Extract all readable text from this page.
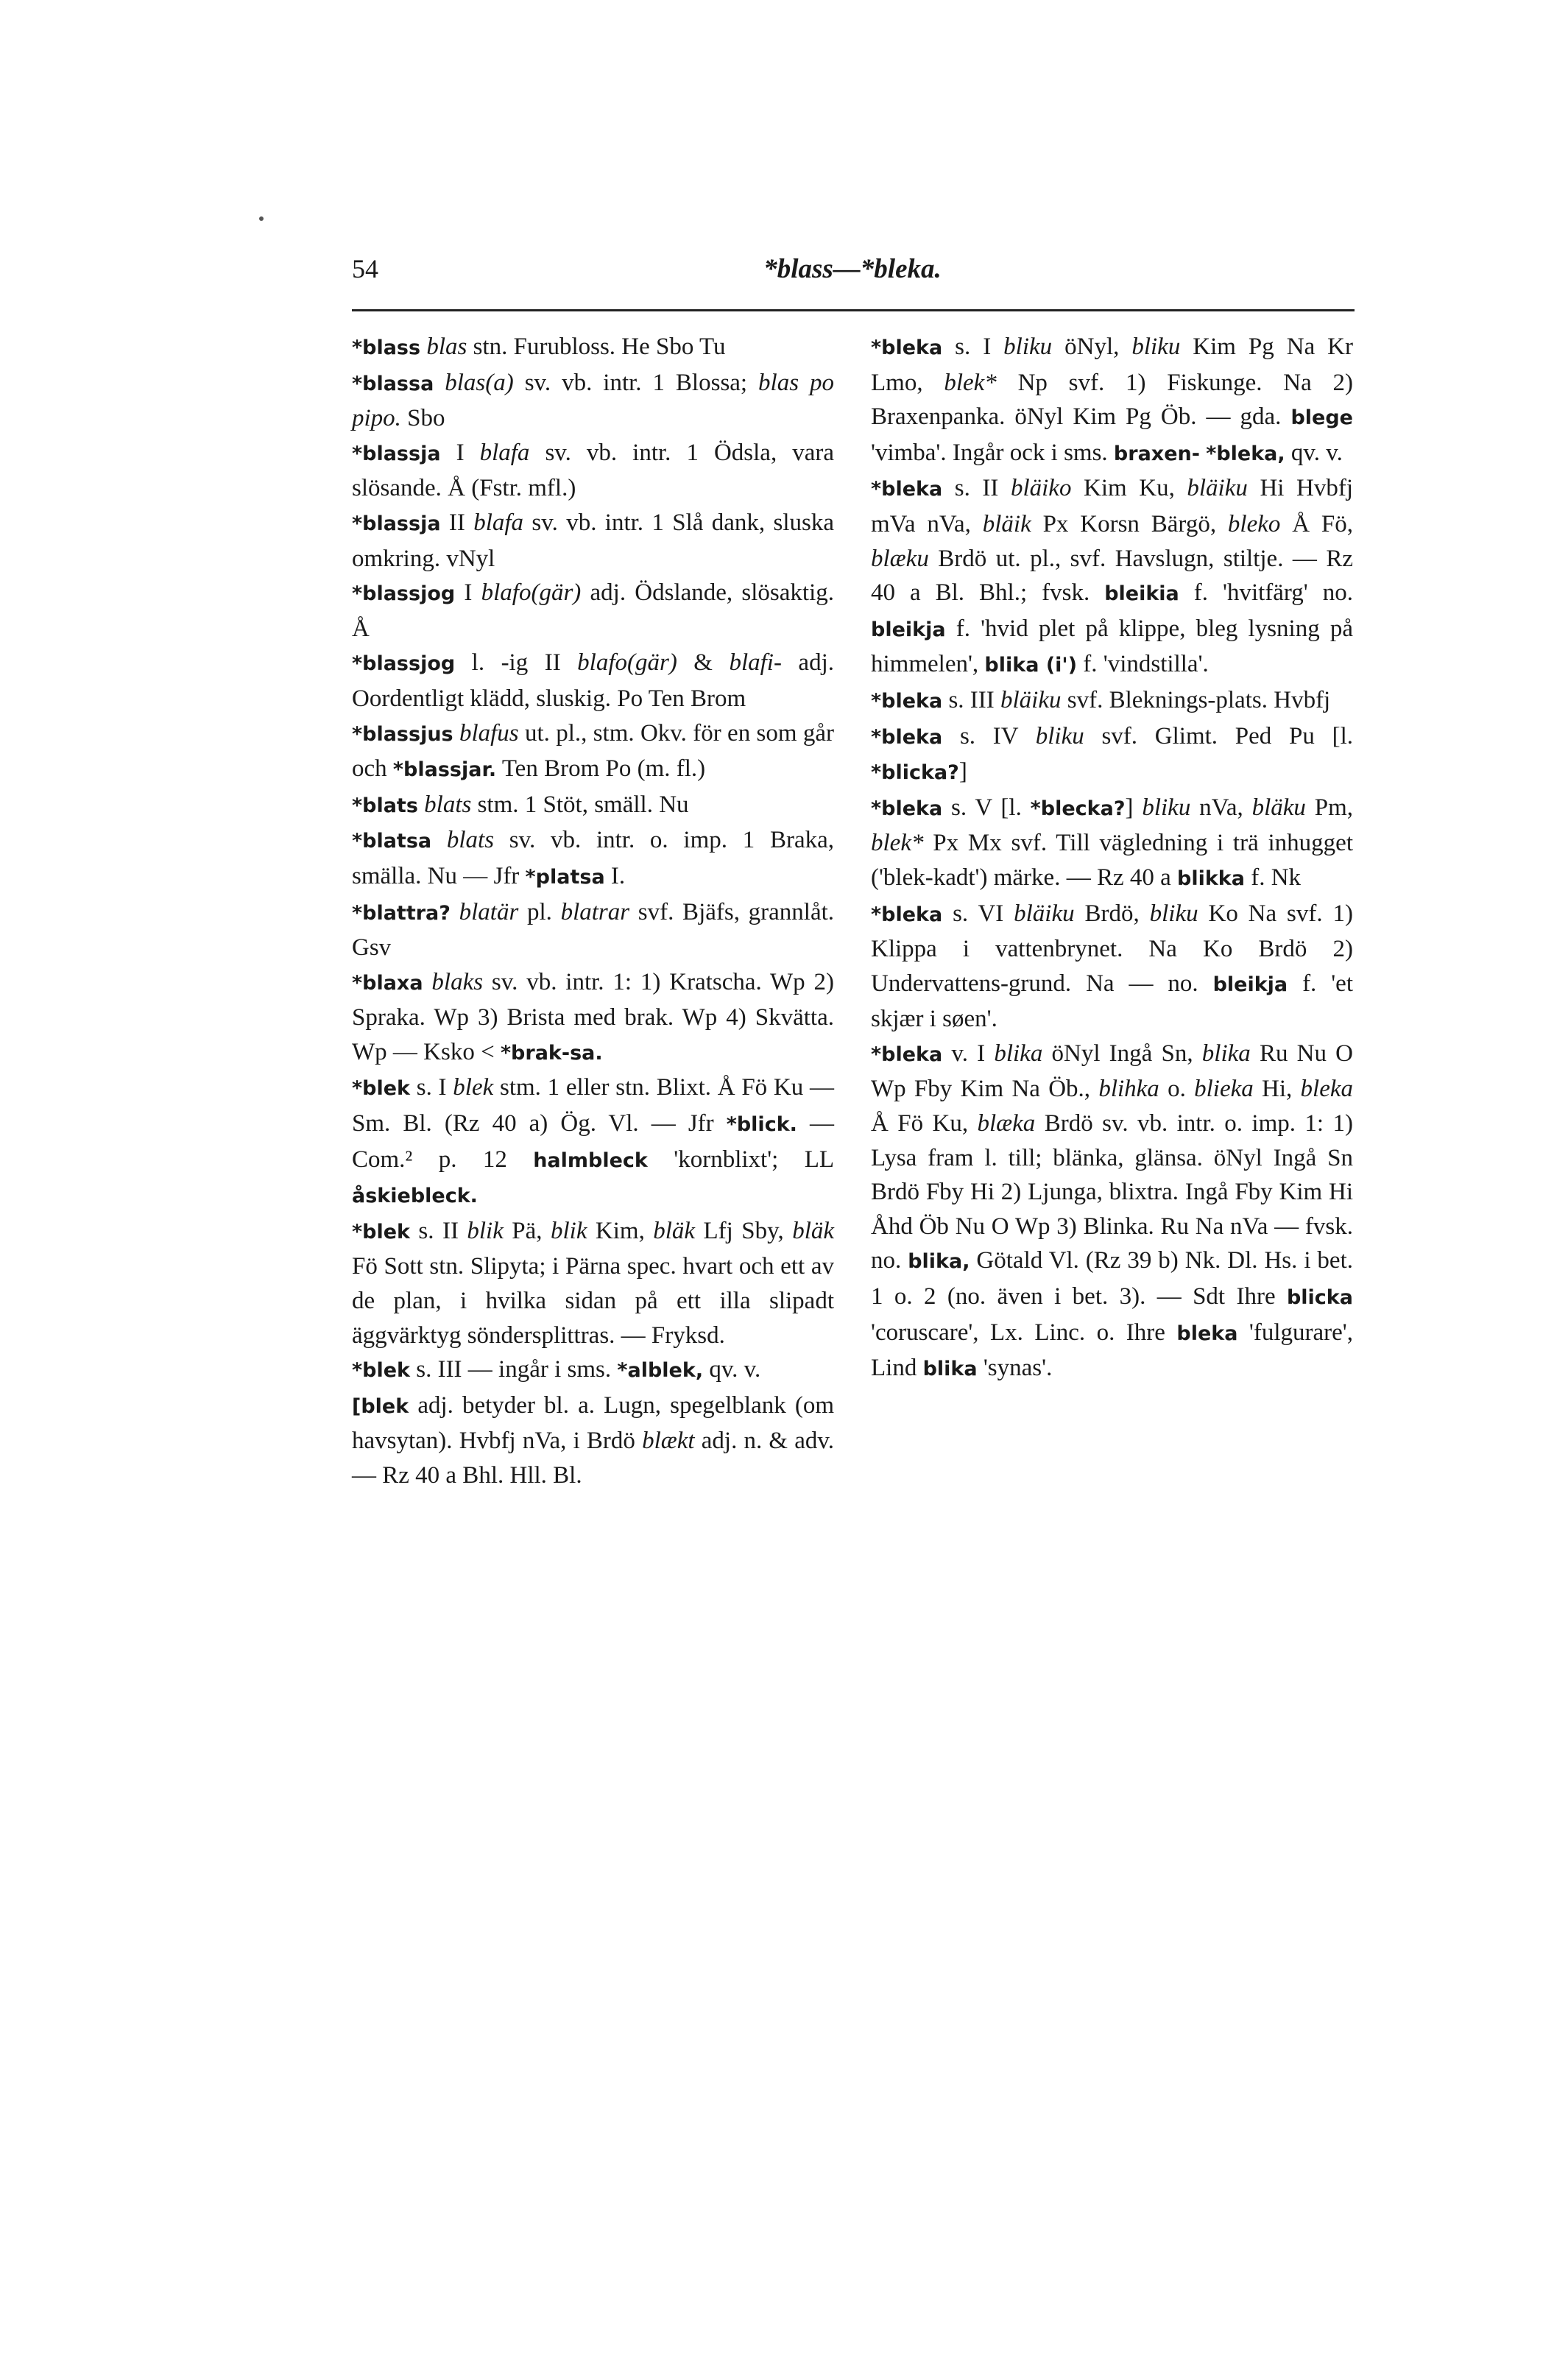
54	*blass—*bleka.

*blass blas stn. Furubloss. He Sbo Tu

*blassa blas(a) sv. vb. intr. 1 Blossa; blas po pipo. Sbo

*blassja I blafa sv. vb. intr. 1 Ödsla, vara slösande. Å (Fstr. mfl.)

*blassja II blafa sv. vb. intr. 1 Slå dank, sluska omkring. vNyl

*blassjog I blafo(gär) adj. Ödslande, slösaktig. Å

*blassjog l. -ig II blafo(gär) & blafi- adj. Oordentligt klädd, sluskig. Po Ten Brom

*blassjus blafus ut. pl., stm. Okv. för en som går och *blassjar. Ten Brom Po (m. fl.)

*blats blats stm. 1 Stöt, smäll. Nu

*blatsa blats sv. vb. intr. o. imp. 1 Braka, smälla. Nu — Jfr *platsa I.

*blattra? blatär pl. blatrar svf. Bjäfs, grannlåt. Gsv

*blaxa blaks sv. vb. intr. 1: 1) Kratscha. Wp 2) Spraka. Wp 3) Brista med brak. Wp 4) Skvätta. Wp — Ksko < *brak-sa.

*blek s. I blek stm. 1 eller stn. Blixt. Å Fö Ku — Sm. Bl. (Rz 40 a) Ög. Vl. — Jfr *blick. — Com.² p. 12 halmbleck 'kornblixt'; LL åskiebleck.

*blek s. II blik Pä, blik Kim, bläk Lfj Sby, bläk Fö Sott stn. Slipyta; i Pärna spec. hvart och ett av de plan, i hvilka sidan på ett illa slipadt äggvärktyg söndersplittras. — Fryksd.

*blek s. III — ingår i sms. *alblek, qv. v.

[blek adj. betyder bl. a. Lugn, spegelblank (om havsytan). Hvbfj nVa, i Brdö blækt adj. n. & adv. — Rz 40 a Bhl. Hll. Bl.

*bleka s. I bliku öNyl, bliku Kim Pg Na Kr Lmo, blek* Np svf. 1) Fiskunge. Na 2) Braxenpanka. öNyl Kim Pg Öb. — gda. blege 'vimba'. Ingår ock i sms. braxen- *bleka, qv. v.

*bleka s. II bläiko Kim Ku, bläiku Hi Hvbfj mVa nVa, bläik Px Korsn Bärgö, bleko Å Fö, blæku Brdö ut. pl., svf. Havslugn, stiltje. — Rz 40 a Bl. Bhl.; fvsk. bleikia f. 'hvitfärg' no. bleikja f. 'hvid plet på klippe, bleg lysning på himmelen', blika (i') f. 'vindstilla'.

*bleka s. III bläiku svf. Bleknings-plats. Hvbfj

*bleka s. IV bliku svf. Glimt. Ped Pu [l. *blicka?]

*bleka s. V [l. *blecka?] bliku nVa, bläku Pm, blek* Px Mx svf. Till vägledning i trä inhugget ('blek-kadt') märke. — Rz 40 a blikka f. Nk

*bleka s. VI bläiku Brdö, bliku Ko Na svf. 1) Klippa i vattenbrynet. Na Ko Brdö 2) Undervattens-grund. Na — no. bleikja f. 'et skjær i søen'.

*bleka v. I blika öNyl Ingå Sn, blika Ru Nu O Wp Fby Kim Na Öb., blihka o. blieka Hi, bleka Å Fö Ku, blæka Brdö sv. vb. intr. o. imp. 1: 1) Lysa fram l. till; blänka, glänsa. öNyl Ingå Sn Brdö Fby Hi 2) Ljunga, blixtra. Ingå Fby Kim Hi Åhd Öb Nu O Wp 3) Blinka. Ru Na nVa — fvsk. no. blika, Götald Vl. (Rz 39 b) Nk. Dl. Hs. i bet. 1 o. 2 (no. även i bet. 3). — Sdt Ihre blicka 'coruscare', Lx. Linc. o. Ihre bleka 'fulgurare', Lind blika 'synas'.
